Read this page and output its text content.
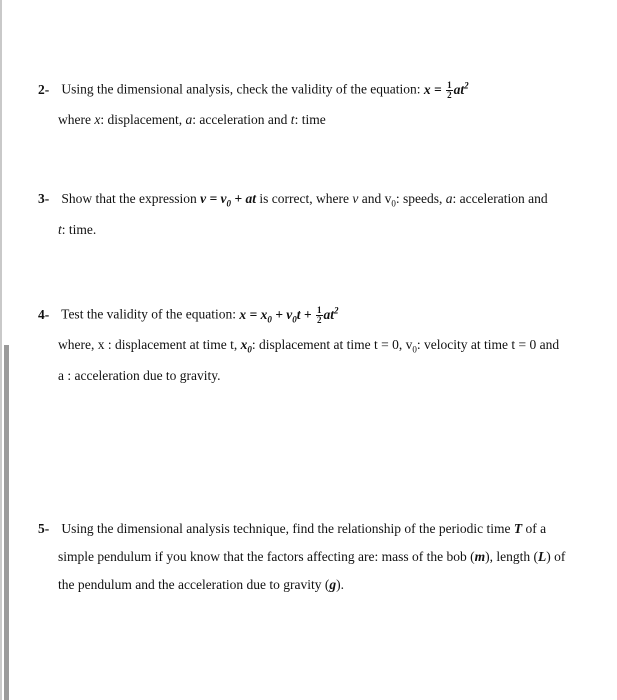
2- Using the dimensional analysis, check the validity of the equation: $x = \frac{1}{2} at^2$
where x: displacement, a: acceleration and t: time
3- Show that the expression $v = v_0$ + at is correct, where v and $v_0$: speeds, a: acceleration and
t: time.
4- Test the validity of the equation: $x = x_0 + v_0t + \frac{1}{2} at^2$
where, x : displacement at time t, $x_0$: displacement at time t = 0, $v_0$: velocity at time t = 0 and
a : acceleration due to gravity.
5- Using the dimensional analysis technique, find the relationship of the periodic time T of a
simple pendulum if you know that the factors affecting are: mass of the bob (m), length (L) of
the pendulum and the acceleration due to gravity (g).
